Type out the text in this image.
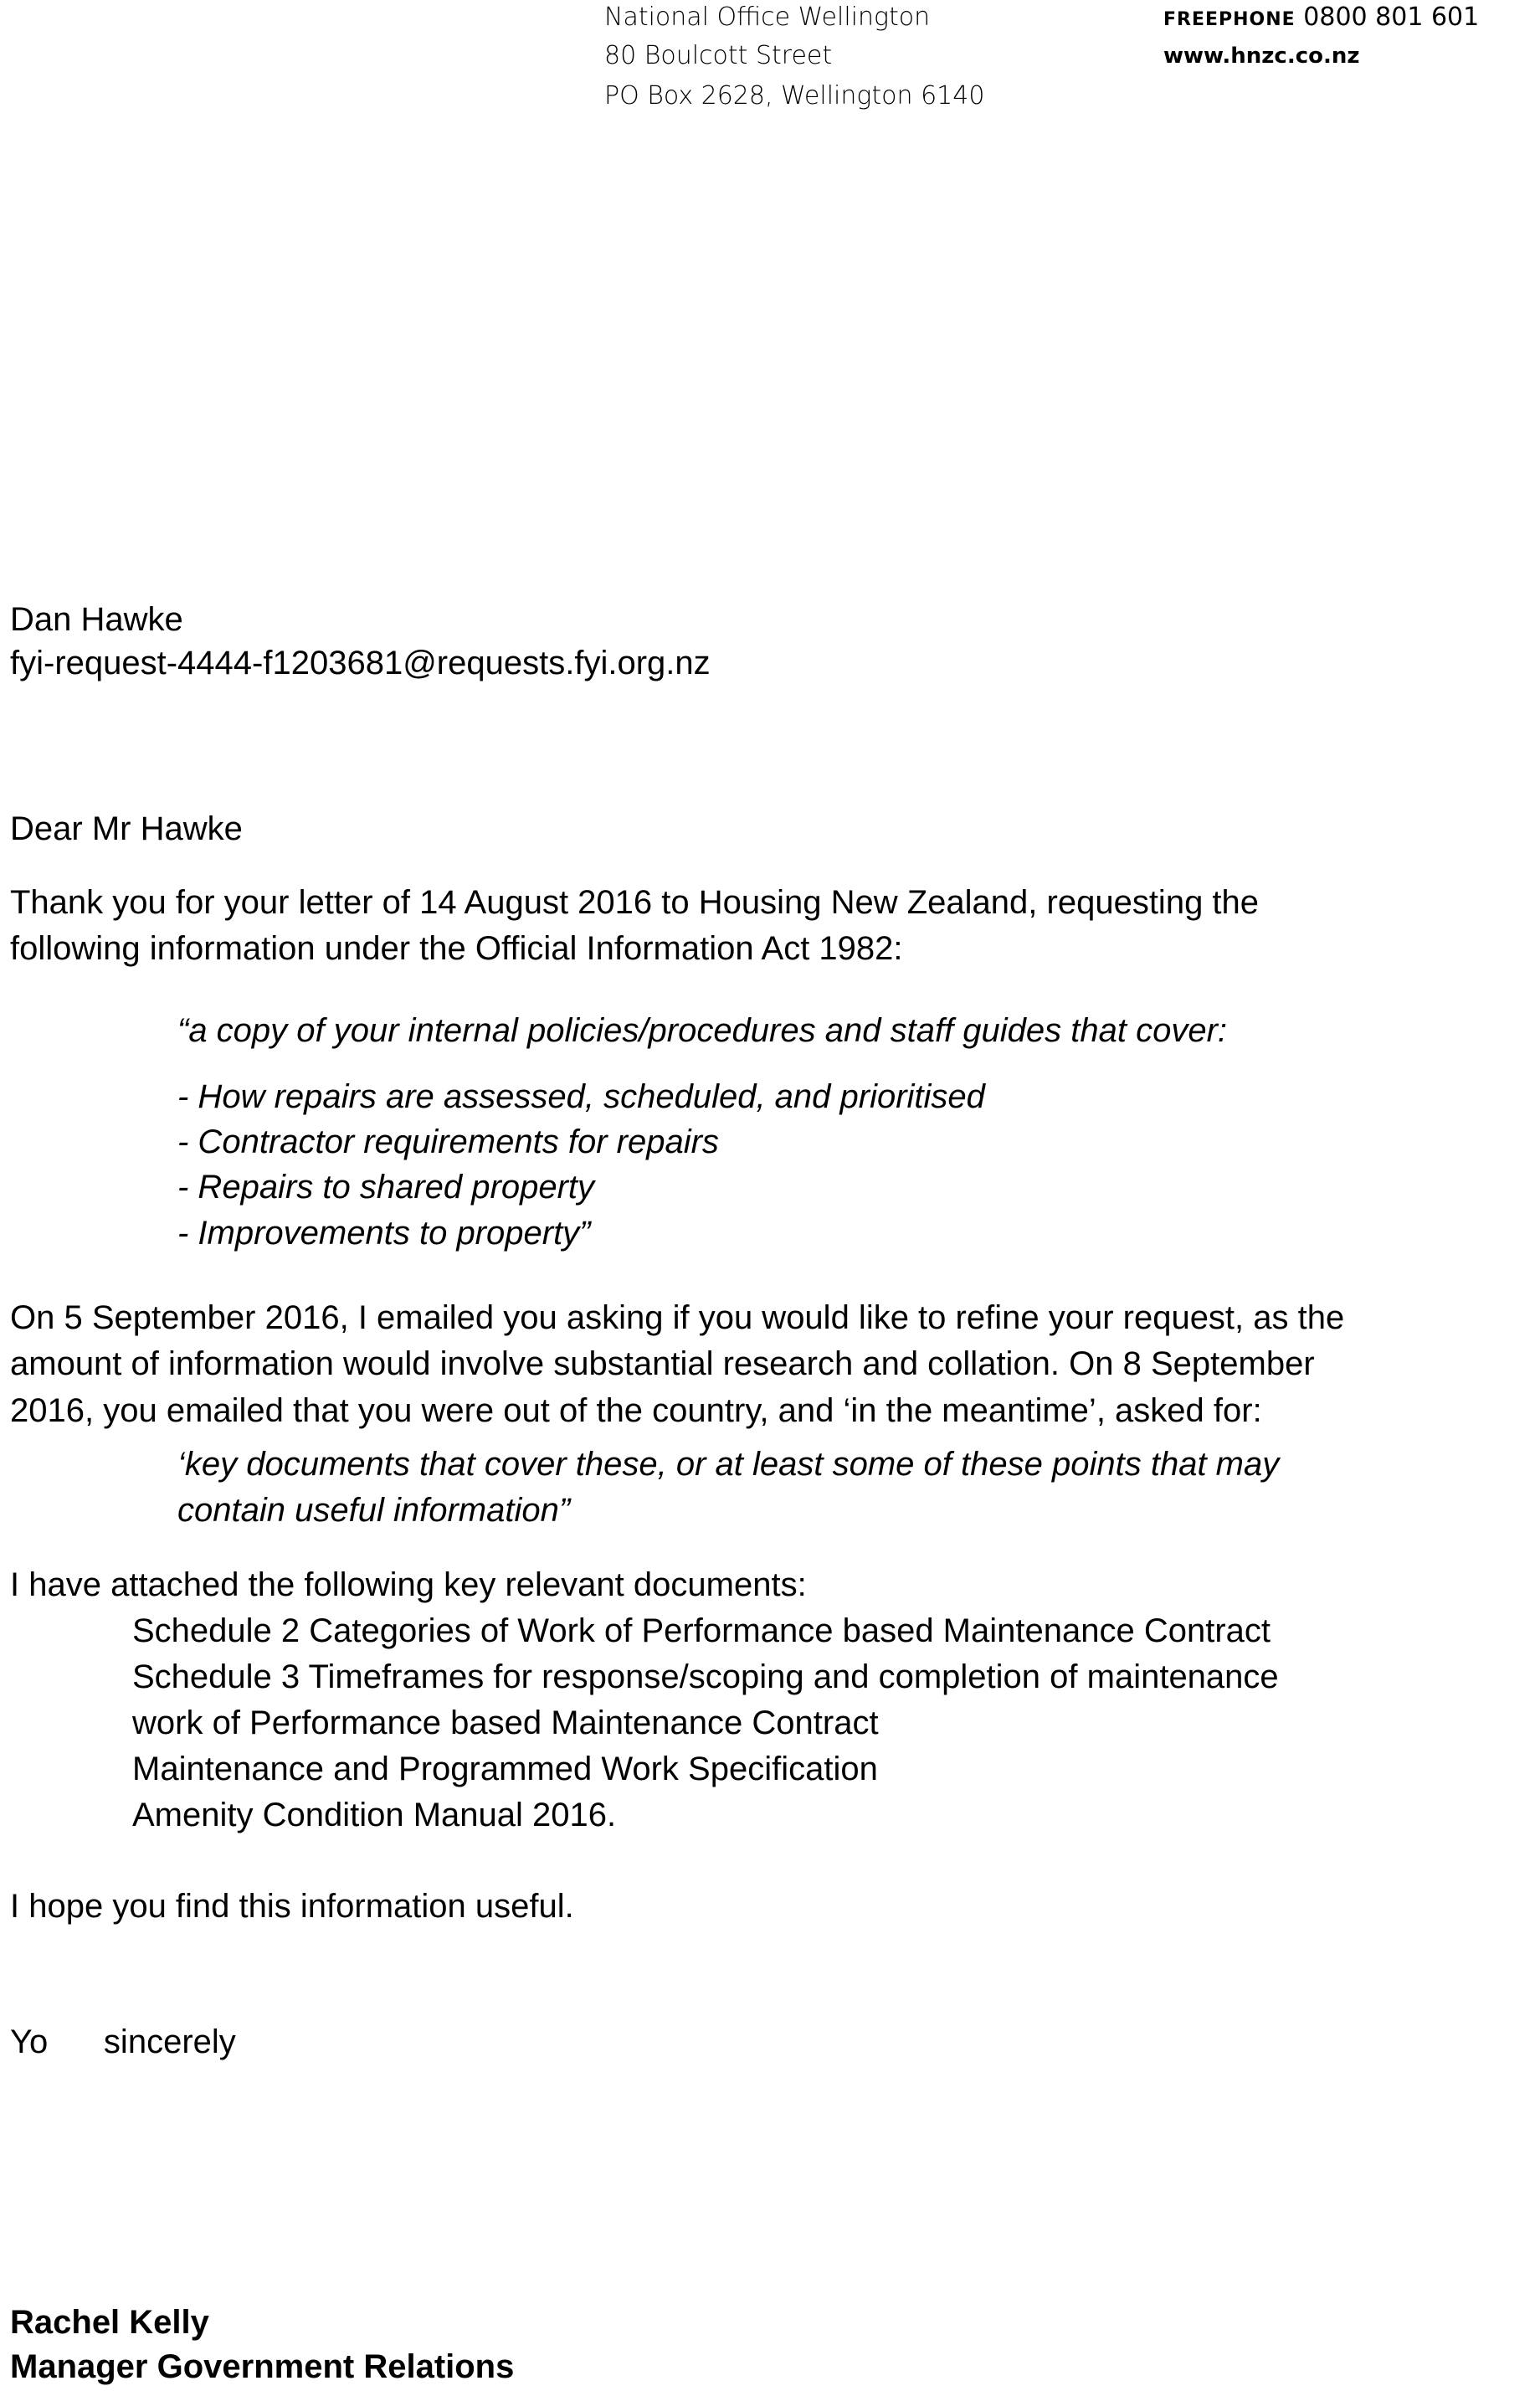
National Office Wellington
80 Boulcott Street
PO Box 2628, Wellington 6140
FREEPHONE 0800 801 601
www.hnzc.co.nz
Dan Hawke
fyi-request-4444-f1203681@requests.fyi.org.nz
Dear Mr Hawke
Thank you for your letter of 14 August 2016 to Housing New Zealand, requesting the
following information under the Official Information Act 1982:
“a copy of your internal policies/procedures and staff guides that cover:
- How repairs are assessed, scheduled, and prioritised
- Contractor requirements for repairs
- Repairs to shared property
- Improvements to property”
On 5 September 2016, I emailed you asking if you would like to refine your request, as the
amount of information would involve substantial research and collation. On 8 September
2016, you emailed that you were out of the country, and ‘in the meantime’, asked for:
‘key documents that cover these, or at least some of these points that may
contain useful information”
I have attached the following key relevant documents:
Schedule 2 Categories of Work of Performance based Maintenance Contract
Schedule 3 Timeframes for response/scoping and completion of maintenance
work of Performance based Maintenance Contract
Maintenance and Programmed Work Specification
Amenity Condition Manual 2016.
I hope you find this information useful.
Yo      sincerely
Rachel Kelly
Manager Government Relations
